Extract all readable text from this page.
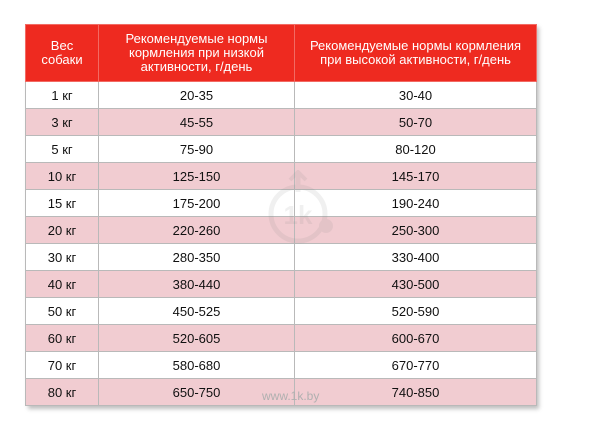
Вес собаки	Рекомендуемые нормы кормления при низкой активности, г/день	Рекомендуемые нормы кормления при высокой активности, г/день
1 кг	20-35	30-40
3 кг	45-55	50-70
5 кг	75-90	80-120
10 кг	125-150	145-170
15 кг	175-200	190-240
20 кг	220-260	250-300
30 кг	280-350	330-400
40 кг	380-440	430-500
50 кг	450-525	520-590
60 кг	520-605	600-670
70 кг	580-680	670-770
80 кг	650-750	740-850
www.1k.by
